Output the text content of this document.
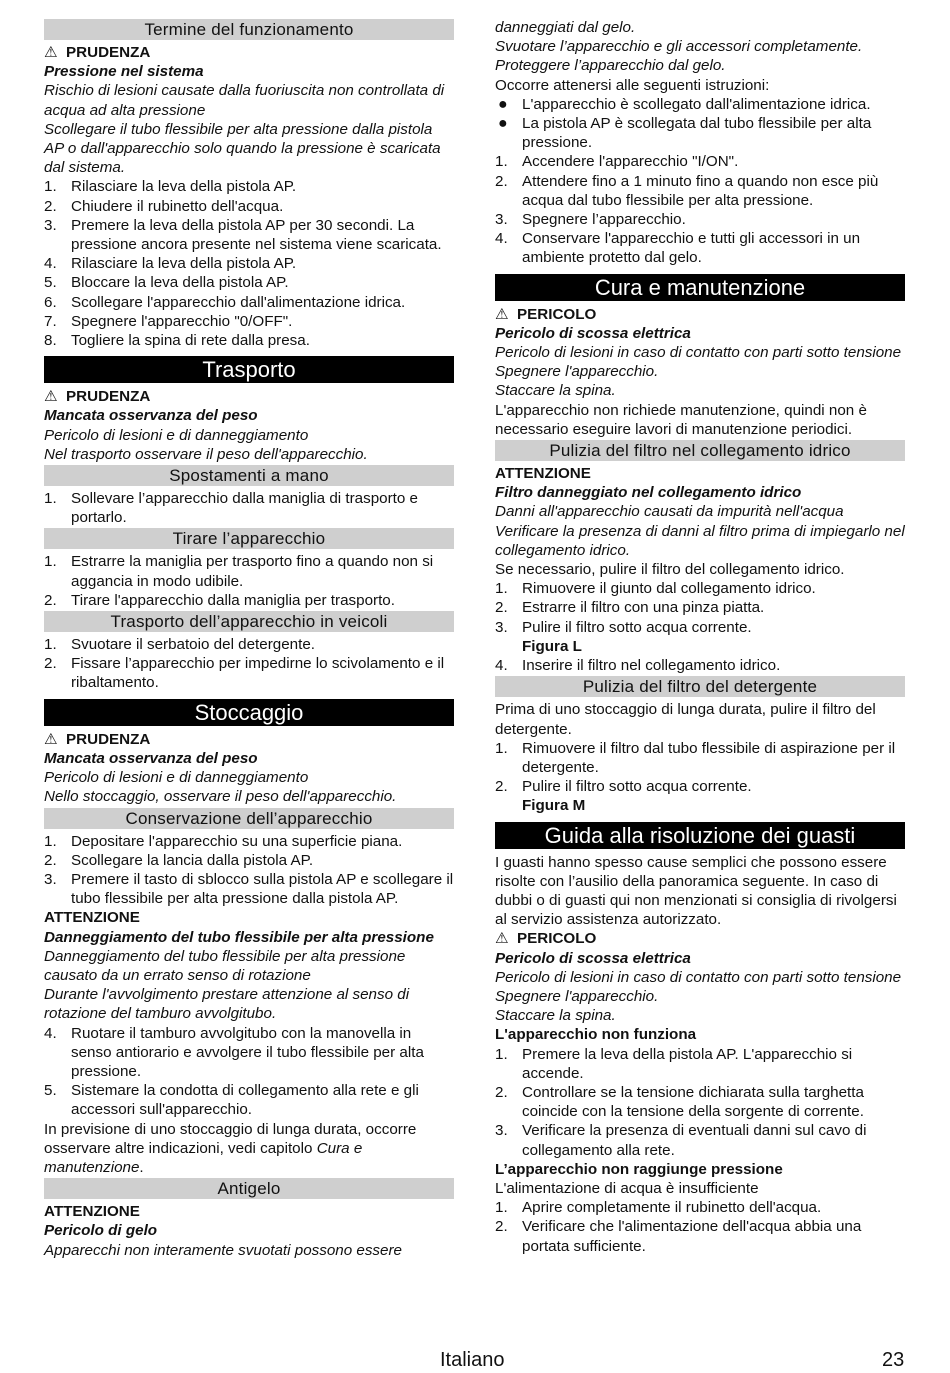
Termine del funzionamento
⚠ PRUDENZA
Pressione nel sistema
Rischio di lesioni causate dalla fuoriuscita non controllata di acqua ad alta pressione
Scollegare il tubo flessibile per alta pressione dalla pistola AP o dall'apparecchio solo quando la pressione è scaricata dal sistema.
1. Rilasciare la leva della pistola AP.
2. Chiudere il rubinetto dell'acqua.
3. Premere la leva della pistola AP per 30 secondi. La pressione ancora presente nel sistema viene scaricata.
4. Rilasciare la leva della pistola AP.
5. Bloccare la leva della pistola AP.
6. Scollegare l'apparecchio dall'alimentazione idrica.
7. Spegnere l'apparecchio "0/OFF".
8. Togliere la spina di rete dalla presa.
Trasporto
⚠ PRUDENZA
Mancata osservanza del peso
Pericolo di lesioni e di danneggiamento
Nel trasporto osservare il peso dell'apparecchio.
Spostamenti a mano
1. Sollevare l’apparecchio dalla maniglia di trasporto e portarlo.
Tirare l’apparecchio
1. Estrarre la maniglia per trasporto fino a quando non si aggancia in modo udibile.
2. Tirare l'apparecchio dalla maniglia per trasporto.
Trasporto dell’apparecchio in veicoli
1. Svuotare il serbatoio del detergente.
2. Fissare l’apparecchio per impedirne lo scivolamento e il ribaltamento.
Stoccaggio
⚠ PRUDENZA
Mancata osservanza del peso
Pericolo di lesioni e di danneggiamento
Nello stoccaggio, osservare il peso dell'apparecchio.
Conservazione dell’apparecchio
1. Depositare l'apparecchio su una superficie piana.
2. Scollegare la lancia dalla pistola AP.
3. Premere il tasto di sblocco sulla pistola AP e scollegare il tubo flessibile per alta pressione dalla pistola AP.
ATTENZIONE
Danneggiamento del tubo flessibile per alta pressione
Danneggiamento del tubo flessibile per alta pressione causato da un errato senso di rotazione
Durante l'avvolgimento prestare attenzione al senso di rotazione del tamburo avvolgitubo.
4. Ruotare il tamburo avvolgitubo con la manovella in senso antiorario e avvolgere il tubo flessibile per alta pressione.
5. Sistemare la condotta di collegamento alla rete e gli accessori sull'apparecchio.
In previsione di uno stoccaggio di lunga durata, occorre osservare altre indicazioni, vedi capitolo Cura e manutenzione.
Antigelo
ATTENZIONE
Pericolo di gelo
Apparecchi non interamente svuotati possono essere
danneggiati dal gelo.
Svuotare l’apparecchio e gli accessori completamente.
Proteggere l’apparecchio dal gelo.
Occorre attenersi alle seguenti istruzioni:
● L'apparecchio è scollegato dall'alimentazione idrica.
● La pistola AP è scollegata dal tubo flessibile per alta pressione.
1. Accendere l'apparecchio "I/ON".
2. Attendere fino a 1 minuto fino a quando non esce più acqua dal tubo flessibile per alta pressione.
3. Spegnere l’apparecchio.
4. Conservare l'apparecchio e tutti gli accessori in un ambiente protetto dal gelo.
Cura e manutenzione
⚠ PERICOLO
Pericolo di scossa elettrica
Pericolo di lesioni in caso di contatto con parti sotto tensione
Spegnere l'apparecchio.
Staccare la spina.
L'apparecchio non richiede manutenzione, quindi non è necessario eseguire lavori di manutenzione periodici.
Pulizia del filtro nel collegamento idrico
ATTENZIONE
Filtro danneggiato nel collegamento idrico
Danni all'apparecchio causati da impurità nell'acqua
Verificare la presenza di danni al filtro prima di impiegarlo nel collegamento idrico.
Se necessario, pulire il filtro del collegamento idrico.
1. Rimuovere il giunto dal collegamento idrico.
2. Estrarre il filtro con una pinza piatta.
3. Pulire il filtro sotto acqua corrente.
Figura L
4. Inserire il filtro nel collegamento idrico.
Pulizia del filtro del detergente
Prima di uno stoccaggio di lunga durata, pulire il filtro del detergente.
1. Rimuovere il filtro dal tubo flessibile di aspirazione per il detergente.
2. Pulire il filtro sotto acqua corrente.
Figura M
Guida alla risoluzione dei guasti
I guasti hanno spesso cause semplici che possono essere risolte con l’ausilio della panoramica seguente. In caso di dubbi o di guasti qui non menzionati si consiglia di rivolgersi al servizio assistenza autorizzato.
⚠ PERICOLO
Pericolo di scossa elettrica
Pericolo di lesioni in caso di contatto con parti sotto tensione
Spegnere l'apparecchio.
Staccare la spina.
L'apparecchio non funziona
1. Premere la leva della pistola AP. L'apparecchio si accende.
2. Controllare se la tensione dichiarata sulla targhetta coincide con la tensione della sorgente di corrente.
3. Verificare la presenza di eventuali danni sul cavo di collegamento alla rete.
L’apparecchio non raggiunge pressione
L'alimentazione di acqua è insufficiente
1. Aprire completamente il rubinetto dell'acqua.
2. Verificare che l'alimentazione dell'acqua abbia una portata sufficiente.
Italiano	23
